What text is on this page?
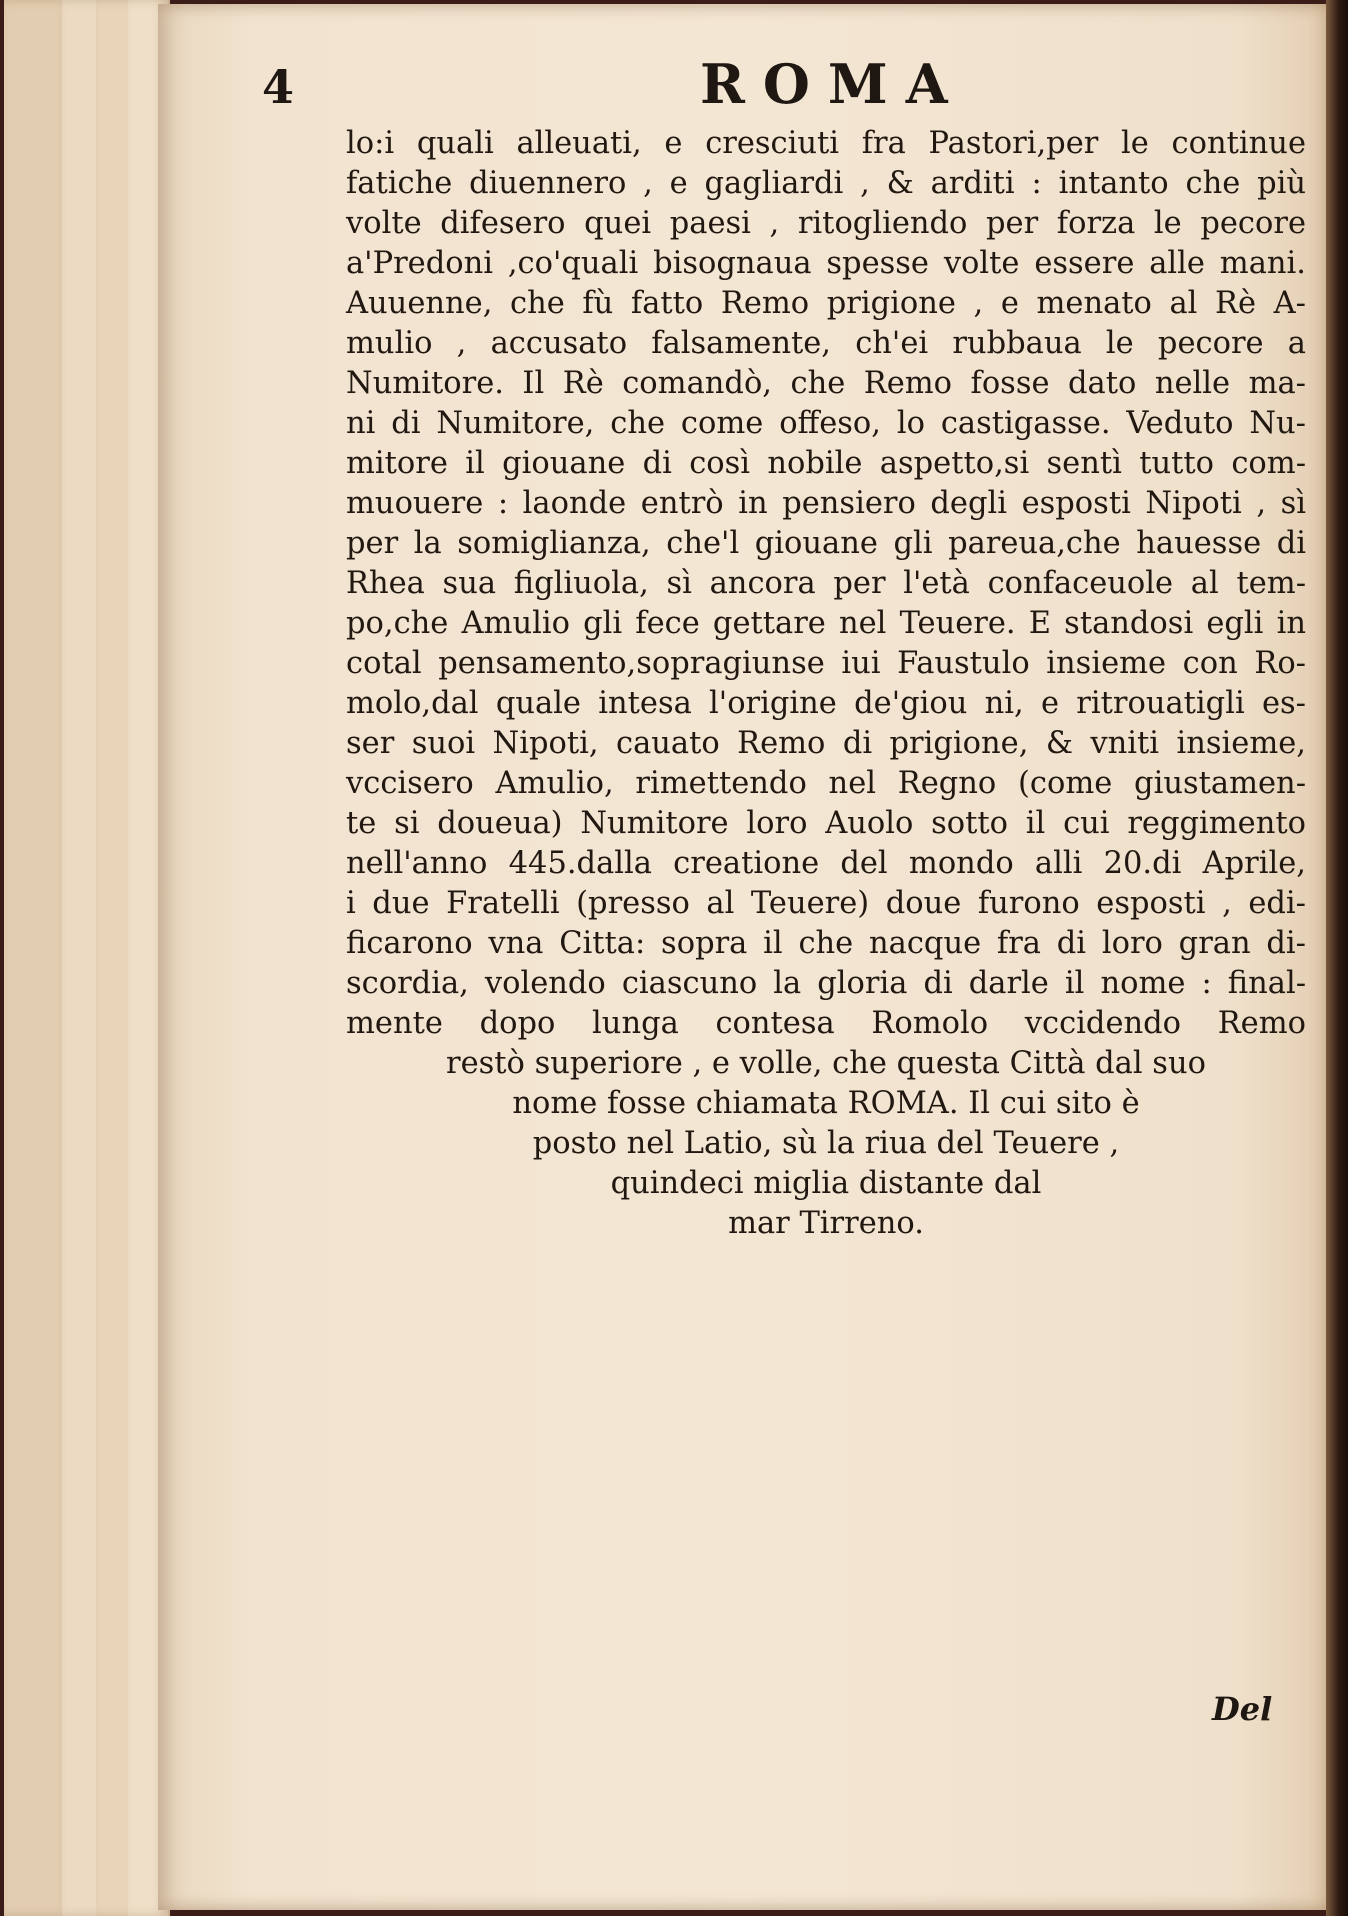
4	ROMA
lo:i quali alleuati, e cresciuti fra Pastori,per le continue
fatiche diuennero , e gagliardi , & arditi : intanto che più
volte difesero quei paesi , ritogliendo per forza le pecore
a'Predoni ,co'quali bisognaua spesse volte essere alle mani.
Auuenne, che fù fatto Remo prigione , e menato al Rè A-
mulio , accusato falsamente, ch'ei rubbaua le pecore a
Numitore. Il Rè comandò, che Remo fosse dato nelle ma-
ni di Numitore, che come offeso, lo castigasse. Veduto Nu-
mitore il giouane di così nobile aspetto,si sentì tutto com-
muouere : laonde entrò in pensiero degli esposti Nipoti , sì
per la somiglianza, che'l giouane gli pareua,che hauesse di
Rhea sua figliuola, sì ancora per l'età confaceuole al tem-
po,che Amulio gli fece gettare nel Teuere. E standosi egli in
cotal pensamento,sopragiunse iui Faustulo insieme con Ro-
molo,dal quale intesa l'origine de'giou ni, e ritrouatigli es-
ser suoi Nipoti, cauato Remo di prigione, & vniti insieme,
vccisero Amulio, rimettendo nel Regno (come giustamen-
te si doueua) Numitore loro Auolo sotto il cui reggimento
nell'anno 445.dalla creatione del mondo alli 20.di Aprile,
i due Fratelli (presso al Teuere) doue furono esposti , edi-
ficarono vna Citta: sopra il che nacque fra di loro gran di-
scordia, volendo ciascuno la gloria di darle il nome : final-
mente dopo lunga contesa Romolo vccidendo Remo
restò superiore , e volle, che questa Città dal suo
nome fosse chiamata ROMA. Il cui sito è
posto nel Latio, sù la riua del Teuere ,
quindeci miglia distante dal
mar Tirreno.
Del
